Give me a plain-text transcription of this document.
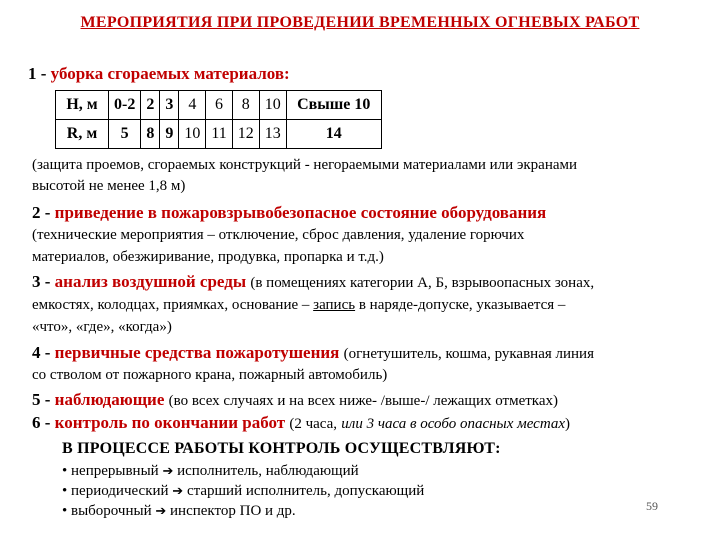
МЕРОПРИЯТИЯ ПРИ ПРОВЕДЕНИИ ВРЕМЕННЫХ ОГНЕВЫХ РАБОТ
1 - уборка сгораемых материалов:
H, м	0-2	2	3	4	6	8	10	Свыше 10
R, м	5	8	9	10	11	12	13	14
(защита проемов, сгораемых конструкций - негораемыми материалами или экранами
высотой не менее 1,8 м)
2 - приведение в пожаровзрывобезопасное состояние оборудования
(технические мероприятия – отключение, сброс давления, удаление горючих
материалов, обезжиривание, продувка, пропарка и т.д.)
3 - анализ воздушной среды (в помещениях категории А, Б, взрывоопасных зонах,
емкостях, колодцах, приямках, основание – запись в наряде-допуске, указывается –
«что», «где», «когда»)
4 - первичные средства пожаротушения (огнетушитель, кошма, рукавная линия
со стволом от пожарного крана, пожарный автомобиль)
5 - наблюдающие (во всех случаях и на всех ниже- /выше-/ лежащих отметках)
6 - контроль по окончании работ (2 часа, или 3 часа в особо опасных местах)
В ПРОЦЕССЕ РАБОТЫ КОНТРОЛЬ ОСУЩЕСТВЛЯЮТ:
• непрерывный ➔ исполнитель, наблюдающий
• периодический ➔ старший исполнитель, допускающий
• выборочный ➔ инспектор ПО и др.	59
